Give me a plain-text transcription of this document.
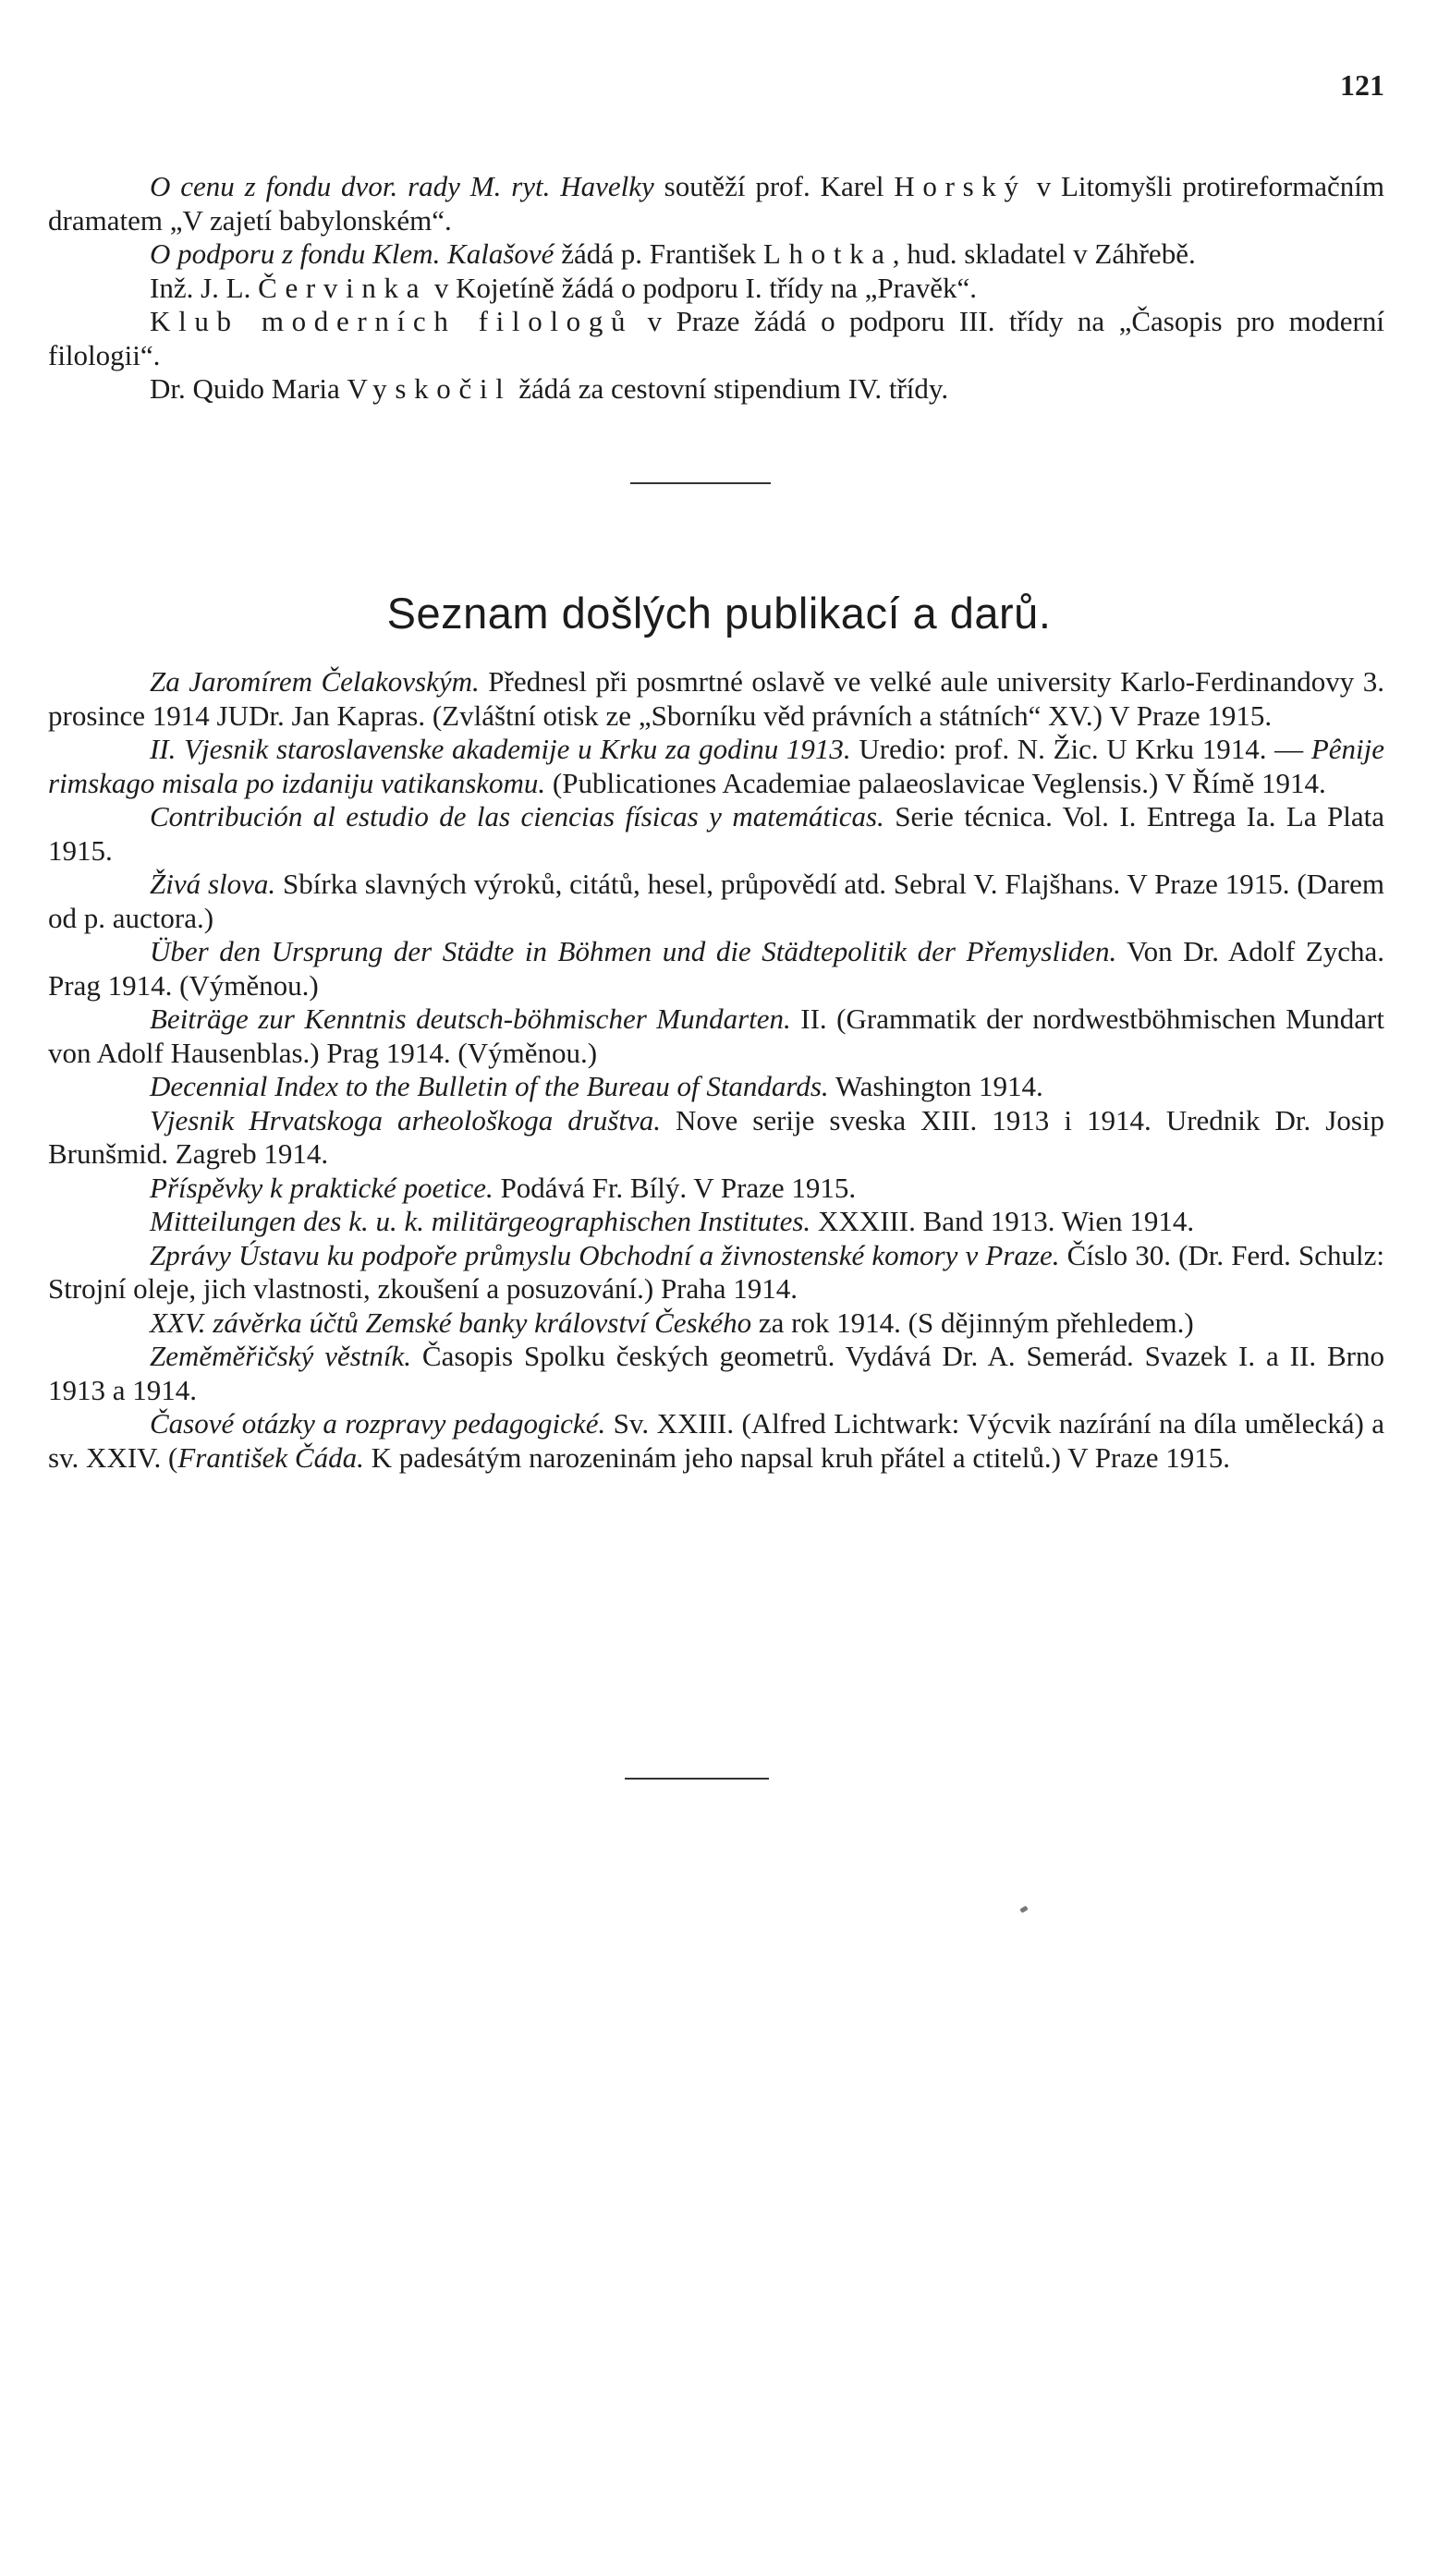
121

O cenu z fondu dvor. rady M. ryt. Havelky soutěží prof. Karel Horský v Litomyšli protireformačním dramatem „V zajetí babylonském“.

O podporu z fondu Klem. Kalašové žádá p. František Lhotka, hud. skladatel v Záhřebě.

Inž. J. L. Červinka v Kojetíně žádá o podporu I. třídy na „Pravěk“.

Klub moderních filologů v Praze žádá o podporu III. třídy na „Časopis pro moderní filologii“.

Dr. Quido Maria Vyskočil žádá za cestovní stipendium IV. třídy.

Seznam došlých publikací a darů.

Za Jaromírem Čelakovským. Přednesl při posmrtné oslavě ve velké aule university Karlo-Ferdinandovy 3. prosince 1914 JUDr. Jan Kapras. (Zvláštní otisk ze „Sborníku věd právních a státních“ XV.) V Praze 1915.

II. Vjesnik staroslavenske akademije u Krku za godinu 1913. Uredio: prof. N. Žic. U Krku 1914. — Pênije rimskago misala po izdaniju vatikanskomu. (Publicationes Academiae palaeoslavicae Veglensis.) V Římě 1914.

Contribución al estudio de las ciencias físicas y matemáticas. Serie técnica. Vol. I. Entrega Ia. La Plata 1915.

Živá slova. Sbírka slavných výroků, citátů, hesel, průpovědí atd. Sebral V. Flajšhans. V Praze 1915. (Darem od p. auctora.)

Über den Ursprung der Städte in Böhmen und die Städtepolitik der Přemysliden. Von Dr. Adolf Zycha. Prag 1914. (Výměnou.)

Beiträge zur Kenntnis deutsch-böhmischer Mundarten. II. (Grammatik der nordwestböhmischen Mundart von Adolf Hausenblas.) Prag 1914. (Výměnou.)

Decennial Index to the Bulletin of the Bureau of Standards. Washington 1914.

Vjesnik Hrvatskoga arheološkoga društva. Nove serije sveska XIII. 1913 i 1914. Urednik Dr. Josip Brunšmid. Zagreb 1914.

Příspěvky k praktické poetice. Podává Fr. Bílý. V Praze 1915.

Mitteilungen des k. u. k. militärgeographischen Institutes. XXXIII. Band 1913. Wien 1914.

Zprávy Ústavu ku podpoře průmyslu Obchodní a živnostenské komory v Praze. Číslo 30. (Dr. Ferd. Schulz: Strojní oleje, jich vlastnosti, zkoušení a posuzování.) Praha 1914.

XXV. závěrka účtů Zemské banky království Českého za rok 1914. (S dějinným přehledem.)

Zeměměřičský věstník. Časopis Spolku českých geometrů. Vydává Dr. A. Semerád. Svazek I. a II. Brno 1913 a 1914.

Časové otázky a rozpravy pedagogické. Sv. XXIII. (Alfred Lichtwark: Výcvik nazírání na díla umělecká) a sv. XXIV. (František Čáda. K padesátým narozeninám jeho napsal kruh přátel a ctitelů.) V Praze 1915.
